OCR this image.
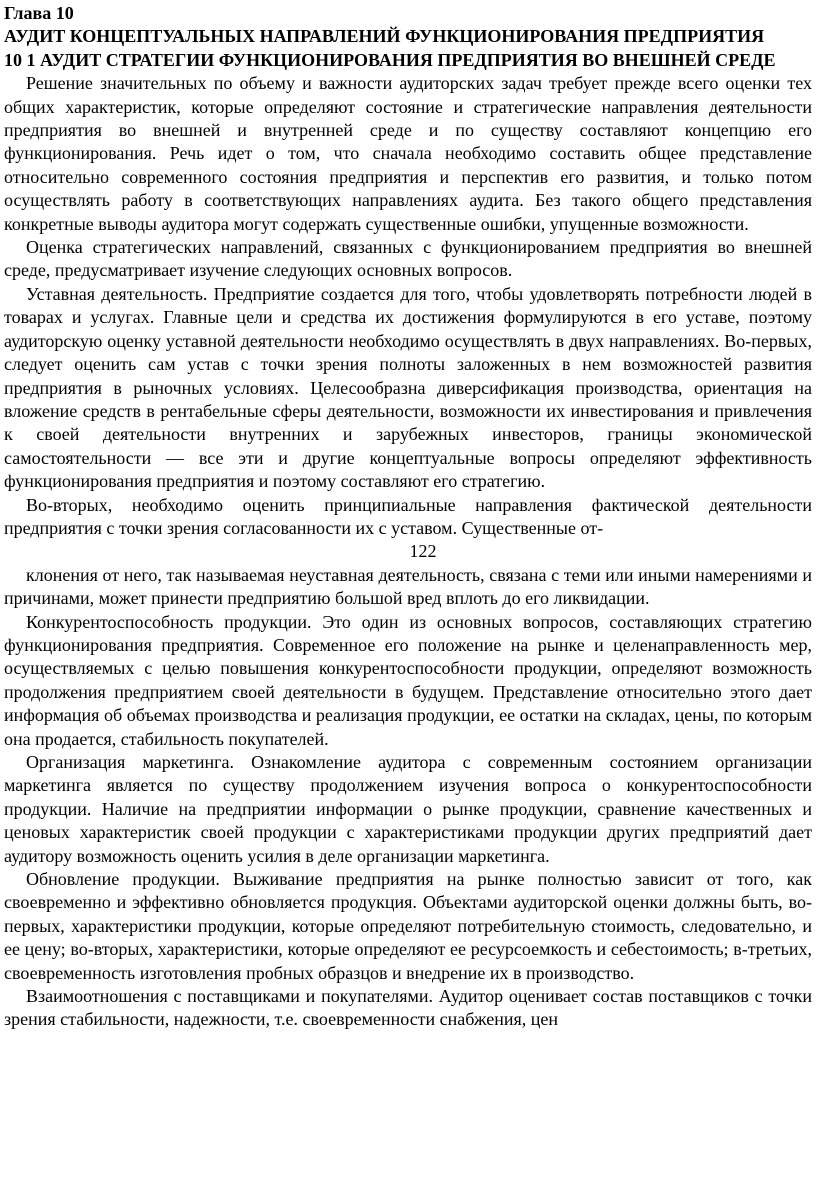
Глава 10
АУДИТ КОНЦЕПТУАЛЬНЫХ НАПРАВЛЕНИЙ ФУНКЦИОНИРОВАНИЯ ПРЕДПРИЯТИЯ
10 1 АУДИТ СТРАТЕГИИ ФУНКЦИОНИРОВАНИЯ ПРЕДПРИЯТИЯ ВО ВНЕШНЕЙ СРЕДЕ

Решение значительных по объему и важности аудиторских задач требует прежде всего оценки тех общих характеристик, которые определяют состояние и стратегические направления деятельности предприятия во внешней и внутренней среде и по существу составляют концепцию его функционирования. Речь идет о том, что сначала необходимо составить общее представление относительно современного состояния предприятия и перспектив его развития, и только потом осуществлять работу в соответствующих направлениях аудита. Без такого общего представления конкретные выводы аудитора могут содержать существенные ошибки, упущенные возможности.

Оценка стратегических направлений, связанных с функционированием предприятия во внешней среде, предусматривает изучение следующих основных вопросов.

Уставная деятельность. Предприятие создается для того, чтобы удовлетворять потребности людей в товарах и услугах. Главные цели и средства их достижения формулируются в его уставе, поэтому аудиторскую оценку уставной деятельности необходимо осуществлять в двух направлениях. Во-первых, следует оценить сам устав с точки зрения полноты заложенных в нем возможностей развития предприятия в рыночных условиях. Целесообразна диверсификация производства, ориентация на вложение средств в рентабельные сферы деятельности, возможности их инвестирования и привлечения к своей деятельности внутренних и зарубежных инвесторов, границы экономической самостоятельности — все эти и другие концептуальные вопросы определяют эффективность функционирования предприятия и поэтому составляют его стратегию.

Во-вторых, необходимо оценить принципиальные направления фактической деятельности предприятия с точки зрения согласованности их с уставом. Существенные от-

122

клонения от него, так называемая неуставная деятельность, связана с теми или иными намерениями и причинами, может принести предприятию большой вред вплоть до его ликвидации.

Конкурентоспособность продукции. Это один из основных вопросов, составляющих стратегию функционирования предприятия. Современное его положение на рынке и целенаправленность мер, осуществляемых с целью повышения конкурентоспособности продукции, определяют возможность продолжения предприятием своей деятельности в будущем. Представление относительно этого дает информация об объемах производства и реализация продукции, ее остатки на складах, цены, по которым она продается, стабильность покупателей.

Организация маркетинга. Ознакомление аудитора с современным состоянием организации маркетинга является по существу продолжением изучения вопроса о конкурентоспособности продукции. Наличие на предприятии информации о рынке продукции, сравнение качественных и ценовых характеристик своей продукции с характеристиками продукции других предприятий дает аудитору возможность оценить усилия в деле организации маркетинга.

Обновление продукции. Выживание предприятия на рынке полностью зависит от того, как своевременно и эффективно обновляется продукция. Объектами аудиторской оценки должны быть, во-первых, характеристики продукции, которые определяют потребительную стоимость, следовательно, и ее цену; во-вторых, характеристики, которые определяют ее ресурсоемкость и себестоимость; в-третьих, своевременность изготовления пробных образцов и внедрение их в производство.

Взаимоотношения с поставщиками и покупателями. Аудитор оценивает состав поставщиков с точки зрения стабильности, надежности, т.е. своевременности снабжения, цен
